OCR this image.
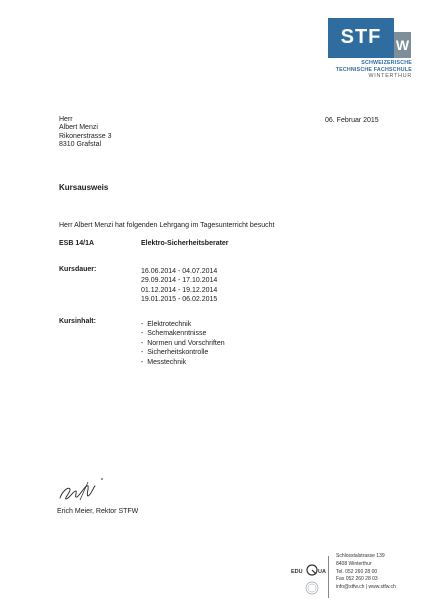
STF	W
SCHWEIZERISCHE
TECHNISCHE FACHSCHULE
WINTERTHUR
Herr
Albert Menzi
Rikonerstrasse 3
8310 Grafstal
06. Februar 2015
Kursausweis
Herr Albert Menzi hat folgenden Lehrgang im Tagesunterricht besucht
ESB 14/1A	Elektro-Sicherheitsberater
Kursdauer:	16.06.2014 - 04.07.2014
29.09.2014 - 17.10.2014
01.12.2014 - 19.12.2014
19.01.2015 - 06.02.2015
Kursinhalt:
-	Elektrotechnik
-  Schemakenntnisse
-  Normen und Vorschriften
-  Sicherheitskontrolle
-  Messtechnik
Erich Meier, Rektor STFW
EDU	UA
Schlosstalstrasse 139
8408 Winterthur
Tel. 052 260 28 00
Fax 052 260 28 03
info@stfw.ch | www.stfw.ch
